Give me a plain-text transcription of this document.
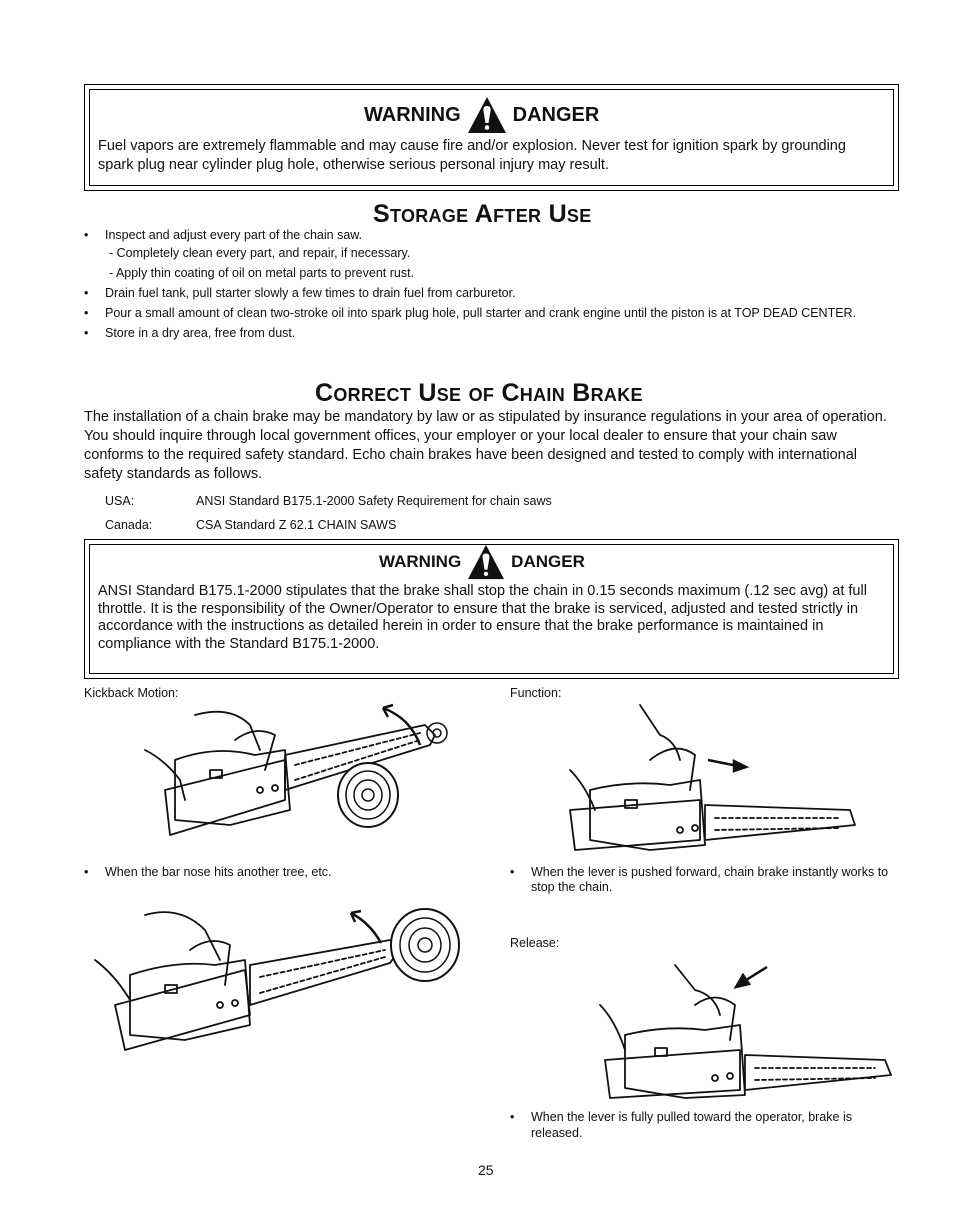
WARNING	DANGER
Fuel vapors are extremely flammable and may cause fire and/or explosion. Never test for ignition spark by grounding spark plug near cylinder plug hole, otherwise serious personal injury may result.
Storage After Use
• Inspect and adjust every part of the chain saw.
- Completely clean every part, and repair, if necessary.
- Apply thin coating of oil on metal parts to prevent rust.
• Drain fuel tank, pull starter slowly a few times to drain fuel from carburetor.
• Pour a small amount of clean two-stroke oil into spark plug hole, pull starter and crank engine until the piston is at TOP DEAD CENTER.
• Store in a dry area, free from dust.
Correct Use of Chain Brake
The installation of a chain brake may be mandatory by law or as stipulated by insurance regulations in your area of operation. You should inquire through local government offices, your employer or your local dealer to ensure that your chain saw conforms to the required safety standard. Echo chain brakes have been designed and tested to comply with international safety standards as follows.
USA:	ANSI Standard B175.1-2000 Safety Requirement for chain saws
Canada:	CSA Standard Z 62.1 CHAIN SAWS
WARNING	DANGER
ANSI Standard B175.1-2000 stipulates that the brake shall stop the chain in 0.15 seconds maximum (.12 sec avg) at full throttle. It is the responsibility of the Owner/Operator to ensure that the brake is serviced, adjusted and tested strictly in accordance with the instructions as detailed herein in order to ensure that the brake performance is maintained in compliance with the Standard B175.1-2000.
Kickback Motion:	Function:
• When the bar nose hits another tree, etc.	• When the lever is pushed forward, chain brake instantly works to stop the chain.
Release:
• When the lever is fully pulled toward the operator, brake is released.
25
